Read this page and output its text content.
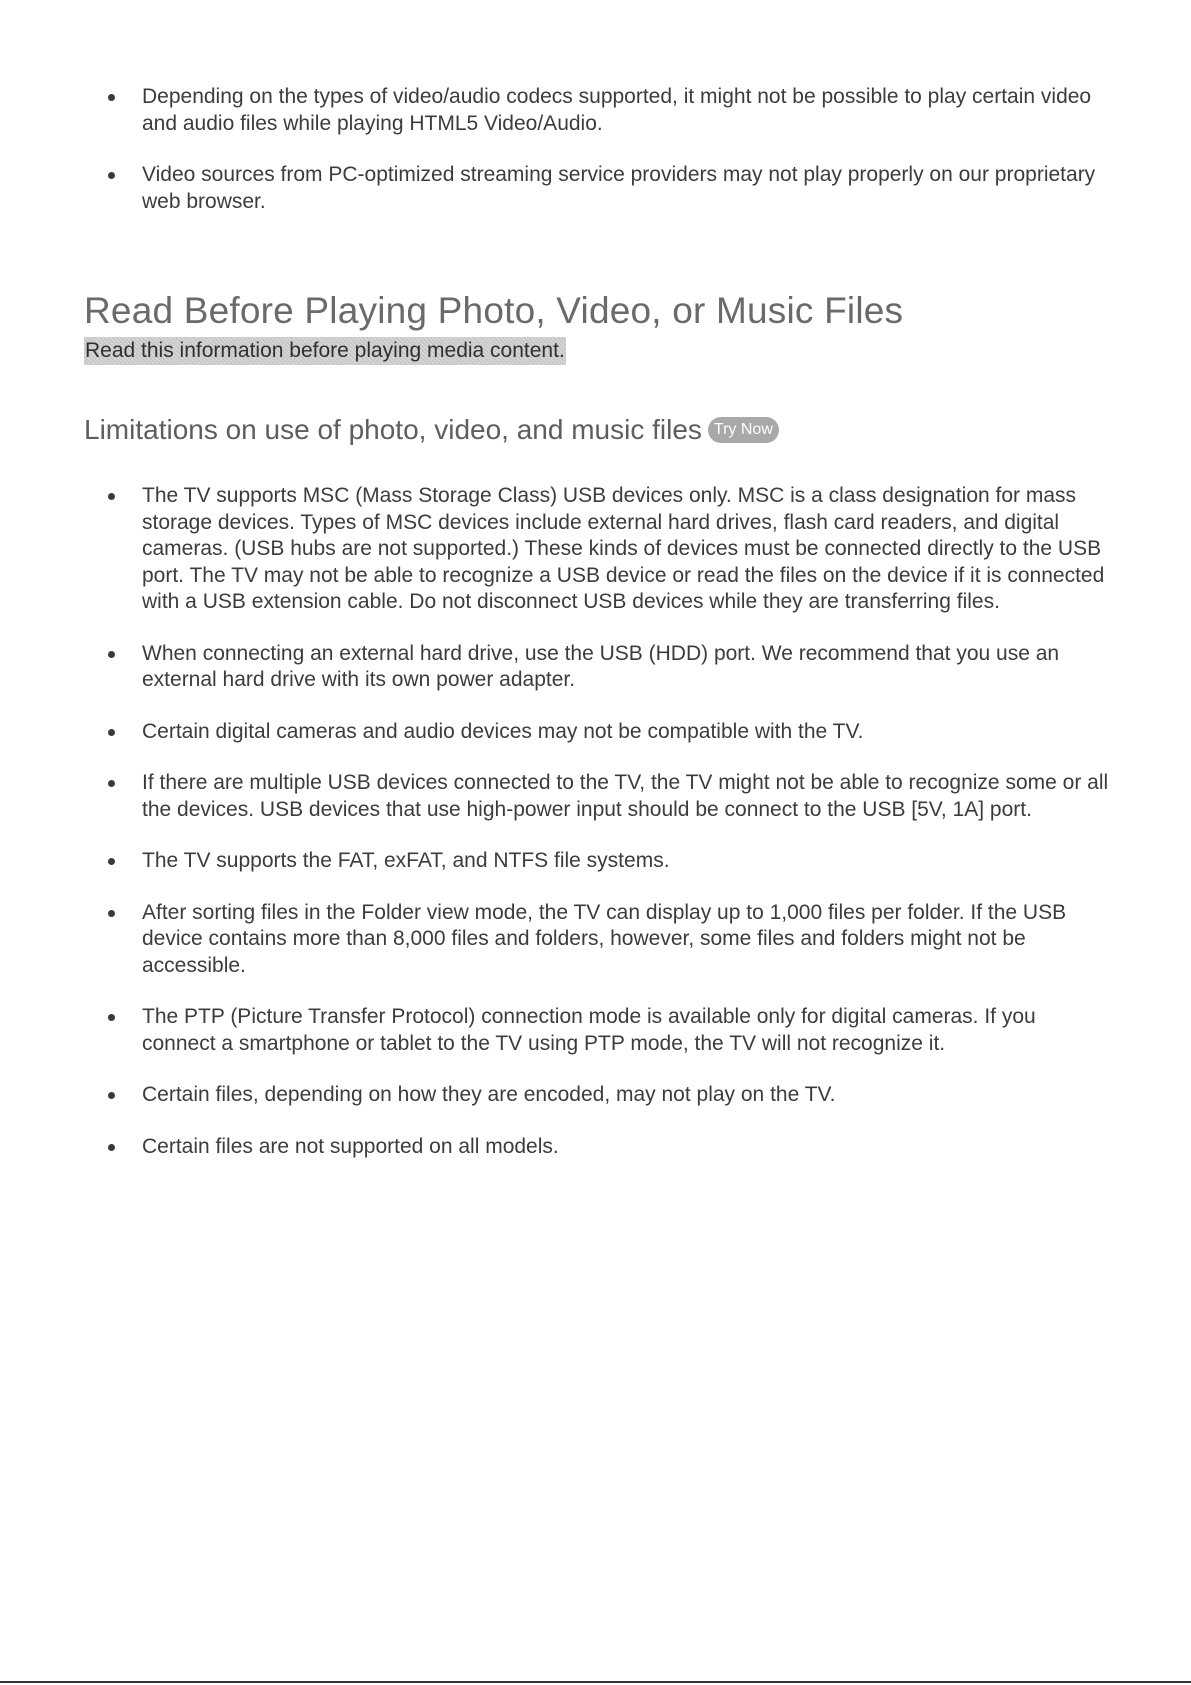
Depending on the types of video/audio codecs supported, it might not be possible to play certain video and audio files while playing HTML5 Video/Audio.
Video sources from PC-optimized streaming service providers may not play properly on our proprietary web browser.
Read Before Playing Photo, Video, or Music Files
Read this information before playing media content.
Limitations on use of photo, video, and music files Try Now
The TV supports MSC (Mass Storage Class) USB devices only. MSC is a class designation for mass storage devices. Types of MSC devices include external hard drives, flash card readers, and digital cameras. (USB hubs are not supported.) These kinds of devices must be connected directly to the USB port. The TV may not be able to recognize a USB device or read the files on the device if it is connected with a USB extension cable. Do not disconnect USB devices while they are transferring files.
When connecting an external hard drive, use the USB (HDD) port. We recommend that you use an external hard drive with its own power adapter.
Certain digital cameras and audio devices may not be compatible with the TV.
If there are multiple USB devices connected to the TV, the TV might not be able to recognize some or all the devices. USB devices that use high-power input should be connect to the USB [5V, 1A] port.
The TV supports the FAT, exFAT, and NTFS file systems.
After sorting files in the Folder view mode, the TV can display up to 1,000 files per folder. If the USB device contains more than 8,000 files and folders, however, some files and folders might not be accessible.
The PTP (Picture Transfer Protocol) connection mode is available only for digital cameras. If you connect a smartphone or tablet to the TV using PTP mode, the TV will not recognize it.
Certain files, depending on how they are encoded, may not play on the TV.
Certain files are not supported on all models.
